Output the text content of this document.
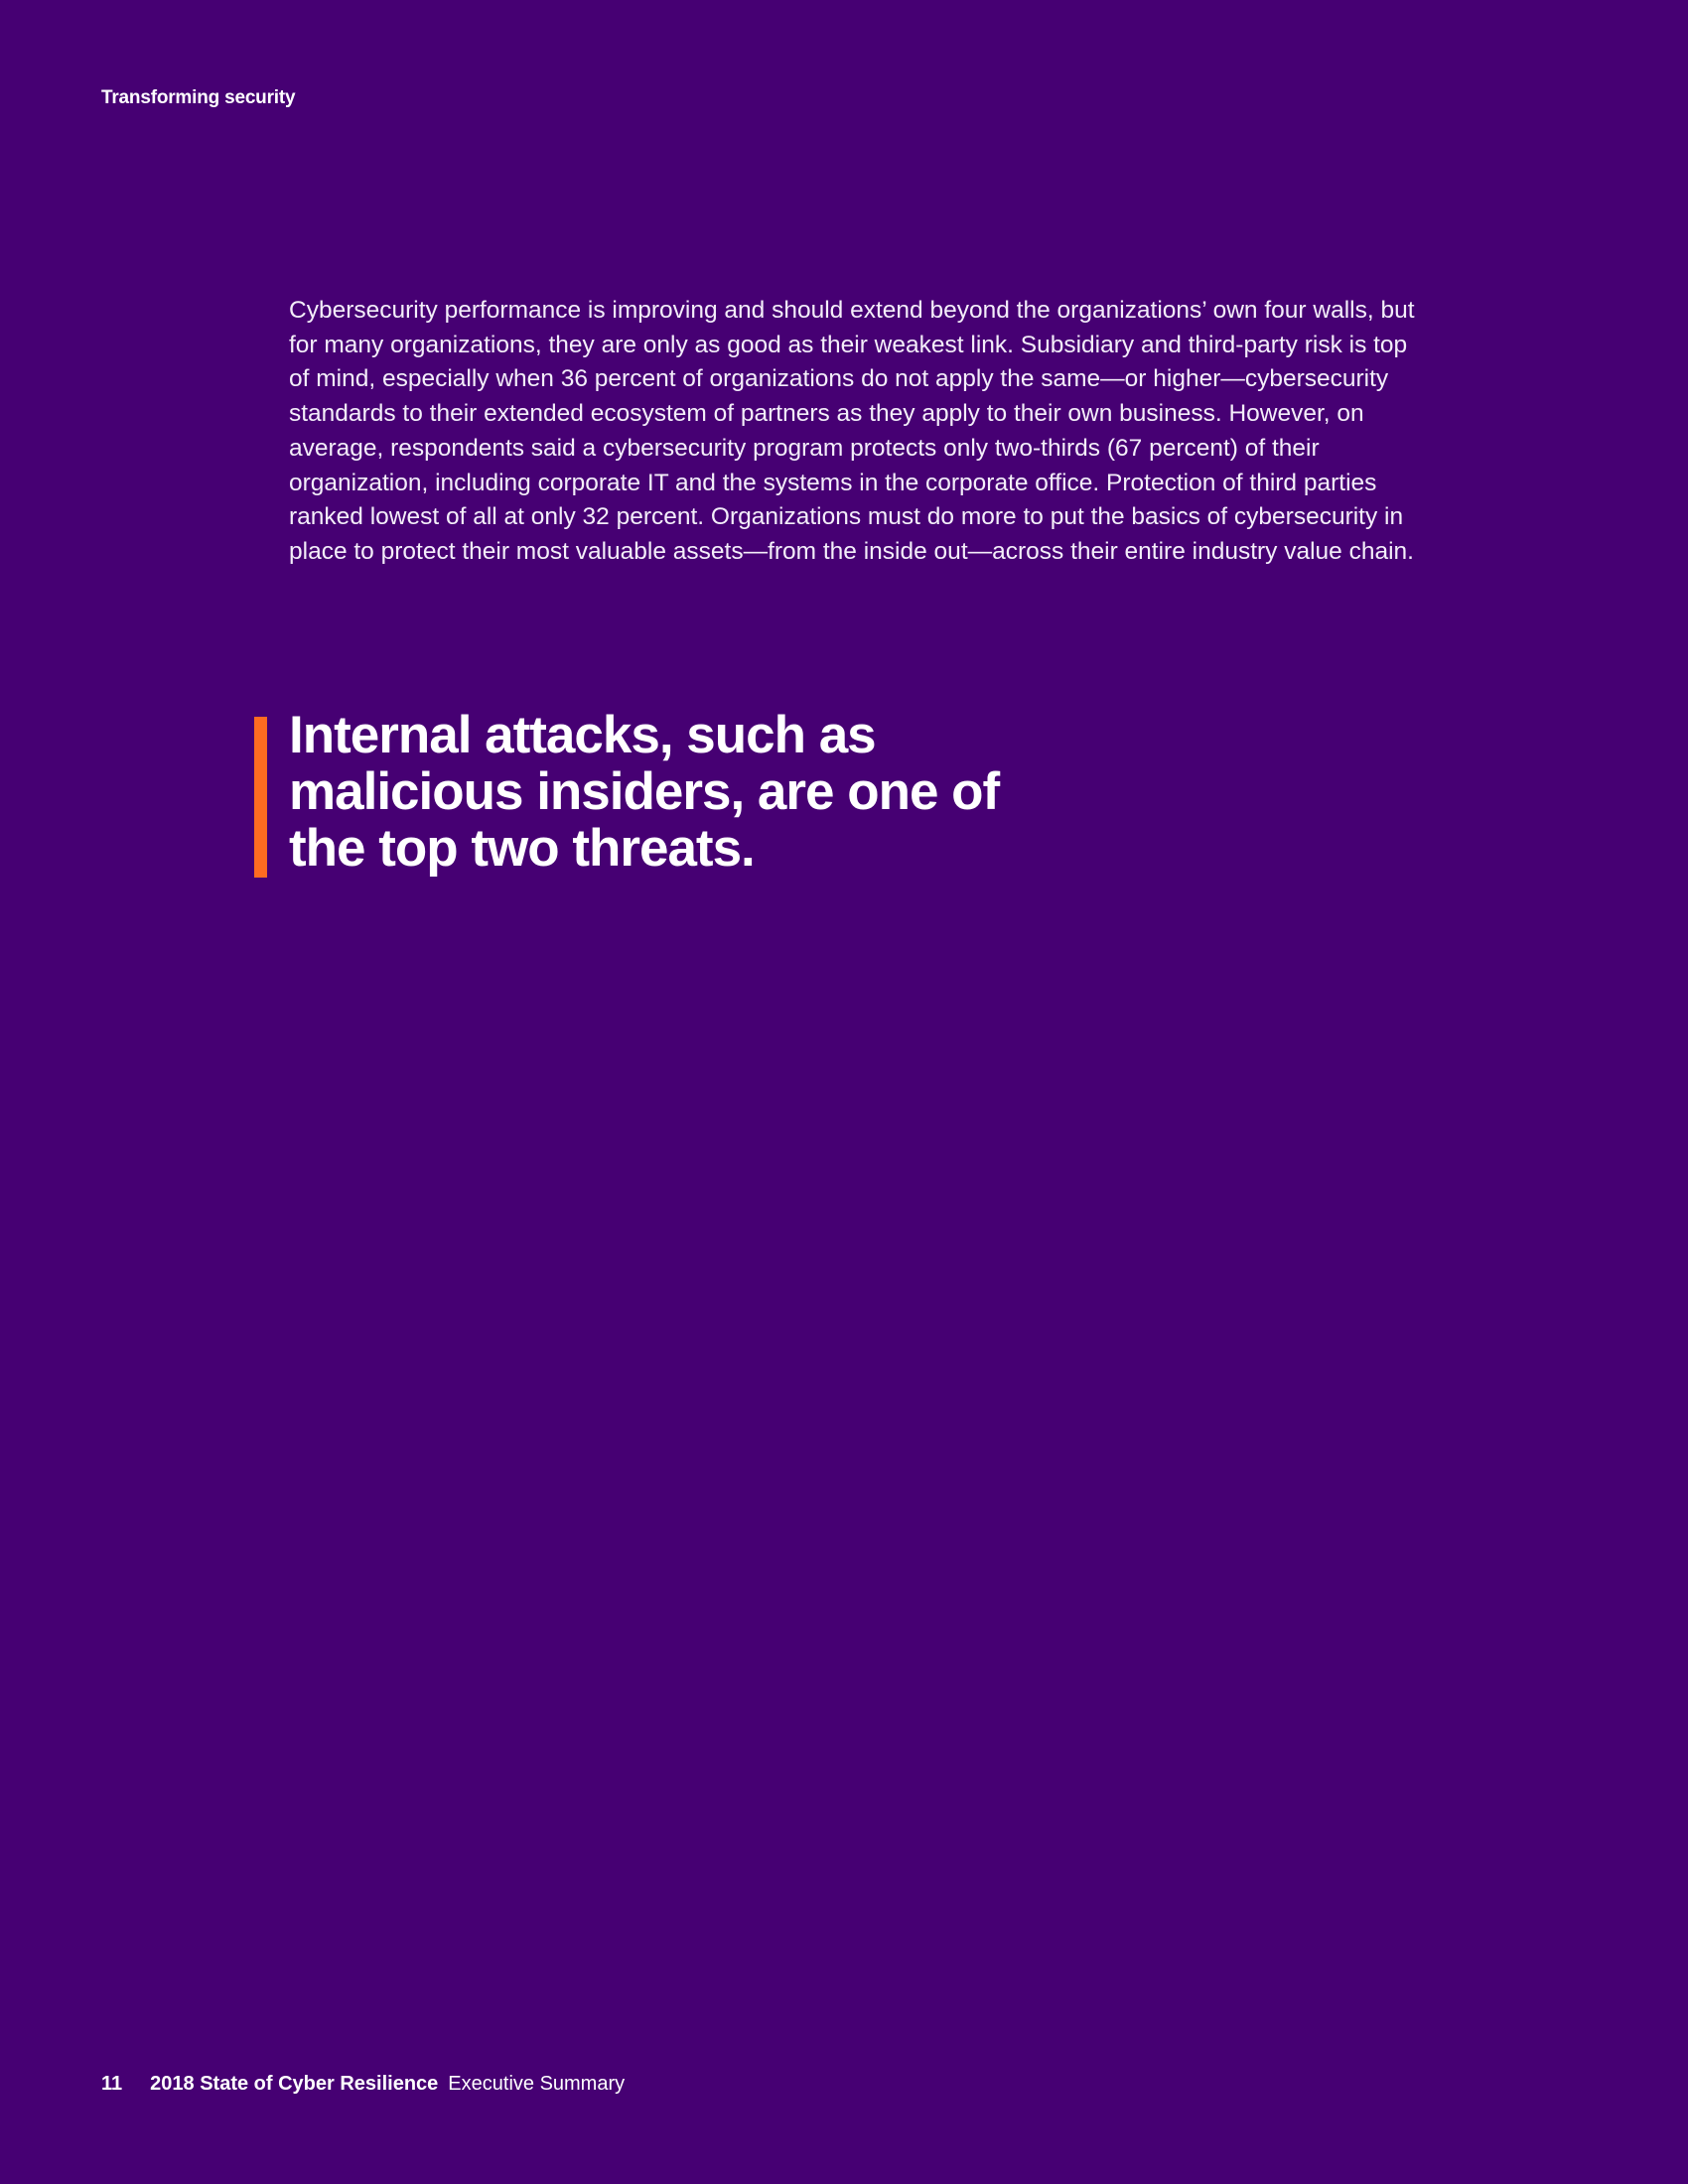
Transforming security

Cybersecurity performance is improving and should extend beyond the organizations’ own four walls, but for many organizations, they are only as good as their weakest link. Subsidiary and third-party risk is top of mind, especially when 36 percent of organizations do not apply the same—or higher—cybersecurity standards to their extended ecosystem of partners as they apply to their own business. However, on average, respondents said a cybersecurity program protects only two-thirds (67 percent) of their organization, including corporate IT and the systems in the corporate office. Protection of third parties ranked lowest of all at only 32 percent. Organizations must do more to put the basics of cybersecurity in place to protect their most valuable assets—from the inside out—across their entire industry value chain.

Internal attacks, such as malicious insiders, are one of the top two threats.
11 2018 State of Cyber Resilience Executive Summary
